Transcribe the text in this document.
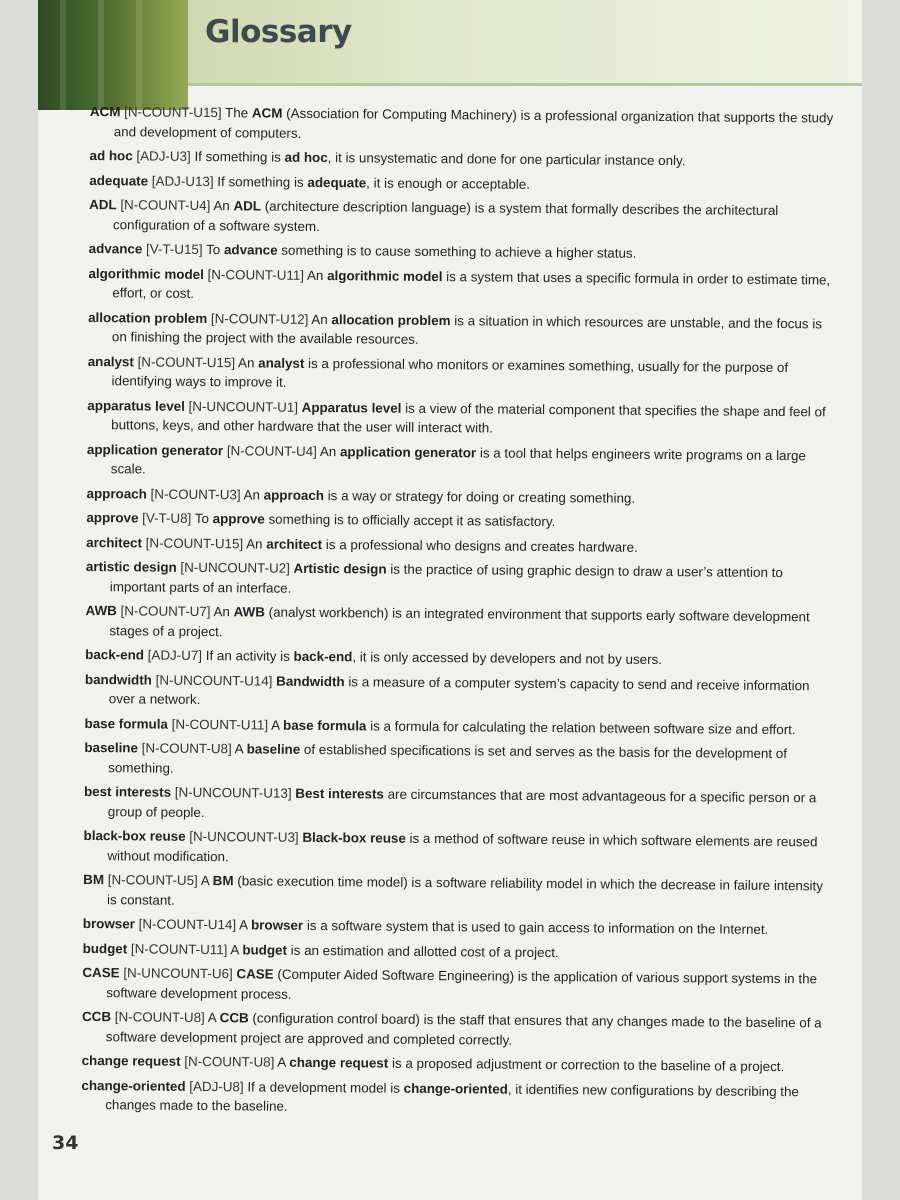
Glossary
ACM [N-COUNT-U15] The ACM (Association for Computing Machinery) is a professional organization that supports the study and development of computers.
ad hoc [ADJ-U3] If something is ad hoc, it is unsystematic and done for one particular instance only.
adequate [ADJ-U13] If something is adequate, it is enough or acceptable.
ADL [N-COUNT-U4] An ADL (architecture description language) is a system that formally describes the architectural configuration of a software system.
advance [V-T-U15] To advance something is to cause something to achieve a higher status.
algorithmic model [N-COUNT-U11] An algorithmic model is a system that uses a specific formula in order to estimate time, effort, or cost.
allocation problem [N-COUNT-U12] An allocation problem is a situation in which resources are unstable, and the focus is on finishing the project with the available resources.
analyst [N-COUNT-U15] An analyst is a professional who monitors or examines something, usually for the purpose of identifying ways to improve it.
apparatus level [N-UNCOUNT-U1] Apparatus level is a view of the material component that specifies the shape and feel of buttons, keys, and other hardware that the user will interact with.
application generator [N-COUNT-U4] An application generator is a tool that helps engineers write programs on a large scale.
approach [N-COUNT-U3] An approach is a way or strategy for doing or creating something.
approve [V-T-U8] To approve something is to officially accept it as satisfactory.
architect [N-COUNT-U15] An architect is a professional who designs and creates hardware.
artistic design [N-UNCOUNT-U2] Artistic design is the practice of using graphic design to draw a user’s attention to important parts of an interface.
AWB [N-COUNT-U7] An AWB (analyst workbench) is an integrated environment that supports early software development stages of a project.
back-end [ADJ-U7] If an activity is back-end, it is only accessed by developers and not by users.
bandwidth [N-UNCOUNT-U14] Bandwidth is a measure of a computer system’s capacity to send and receive information over a network.
base formula [N-COUNT-U11] A base formula is a formula for calculating the relation between software size and effort.
baseline [N-COUNT-U8] A baseline of established specifications is set and serves as the basis for the development of something.
best interests [N-UNCOUNT-U13] Best interests are circumstances that are most advantageous for a specific person or a group of people.
black-box reuse [N-UNCOUNT-U3] Black-box reuse is a method of software reuse in which software elements are reused without modification.
BM [N-COUNT-U5] A BM (basic execution time model) is a software reliability model in which the decrease in failure intensity is constant.
browser [N-COUNT-U14] A browser is a software system that is used to gain access to information on the Internet.
budget [N-COUNT-U11] A budget is an estimation and allotted cost of a project.
CASE [N-UNCOUNT-U6] CASE (Computer Aided Software Engineering) is the application of various support systems in the software development process.
CCB [N-COUNT-U8] A CCB (configuration control board) is the staff that ensures that any changes made to the baseline of a software development project are approved and completed correctly.
change request [N-COUNT-U8] A change request is a proposed adjustment or correction to the baseline of a project.
change-oriented [ADJ-U8] If a development model is change-oriented, it identifies new configurations by describing the changes made to the baseline.
34
